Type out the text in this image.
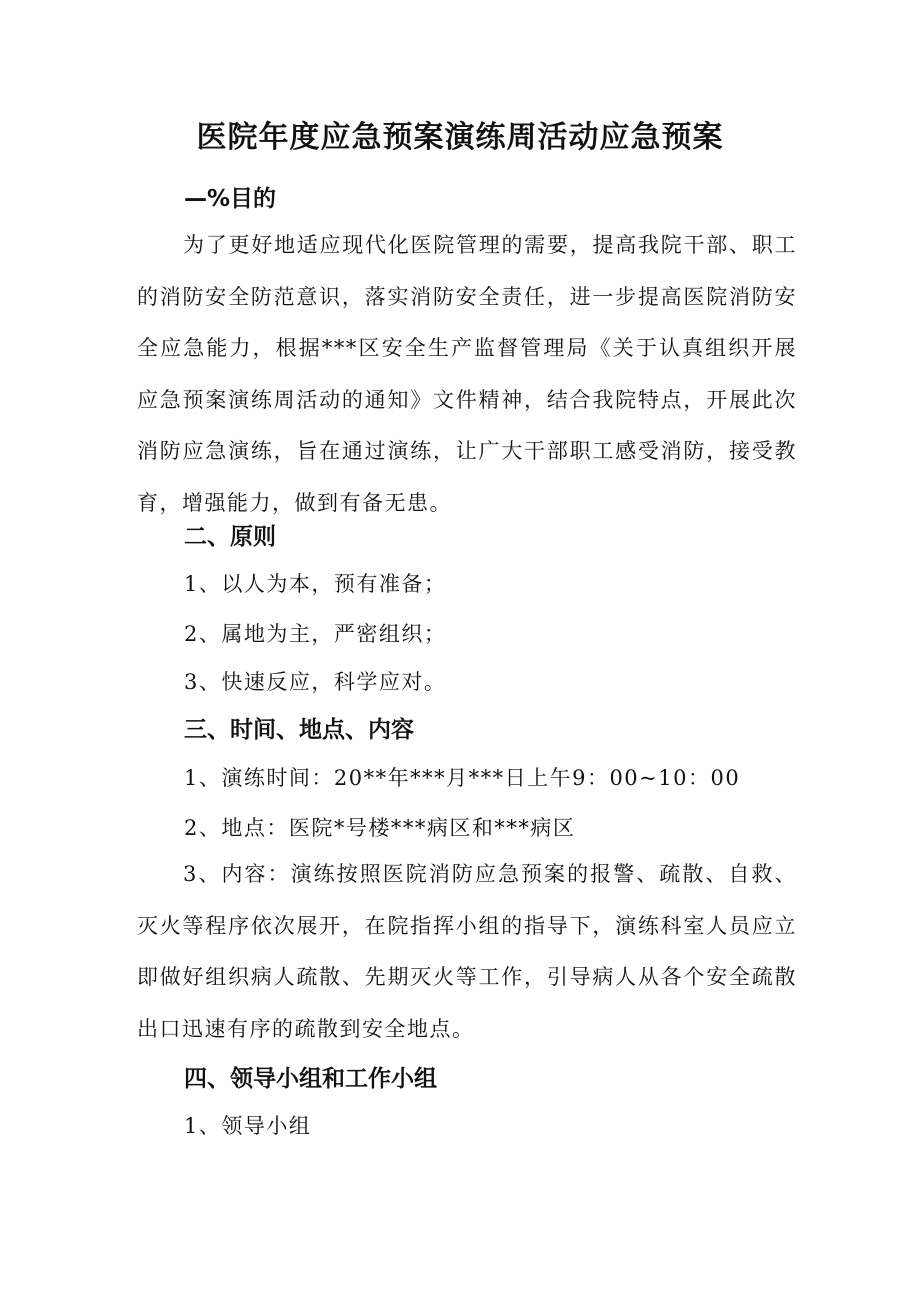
医院年度应急预案演练周活动应急预案
—%目的

为了更好地适应现代化医院管理的需要，提高我院干部、职工的消防安全防范意识，落实消防安全责任，进一步提高医院消防安全应急能力，根据***区安全生产监督管理局《关于认真组织开展应急预案演练周活动的通知》文件精神，结合我院特点，开展此次消防应急演练，旨在通过演练，让广大干部职工感受消防，接受教育，增强能力，做到有备无患。

二、原则

1、以人为本，预有准备；

2、属地为主，严密组织；

3、快速反应，科学应对。

三、时间、地点、内容

1、演练时间：20**年***月***日上午9：00~10：00

2、地点：医院*号楼***病区和***病区

3、内容：演练按照医院消防应急预案的报警、疏散、自救、灭火等程序依次展开，在院指挥小组的指导下，演练科室人员应立即做好组织病人疏散、先期灭火等工作，引导病人从各个安全疏散出口迅速有序的疏散到安全地点。

四、领导小组和工作小组

1、领导小组
